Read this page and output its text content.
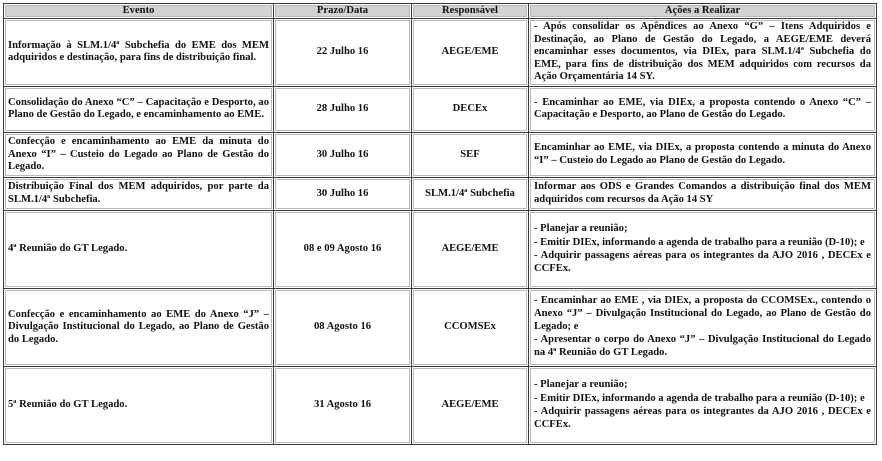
Evento	Prazo/Data	Responsável	Ações a Realizar
Informação à SLM.1/4ª Subchefia do EME dos MEM adquiridos e destinação, para fins de distribuição final.	22 Julho 16	AEGE/EME	- Após consolidar os Apêndices ao Anexo “G” – Itens Adquiridos e Destinação, ao Plano de Gestão do Legado, a AEGE/EME deverá encaminhar esses documentos, via DIEx, para SLM.1/4ª Subchefia do EME, para fins de distribuição dos MEM adquiridos com recursos da Ação Orçamentária 14 SY.

Consolidação do Anexo “C” – Capacitação e Desporto, ao Plano de Gestão do Legado, e encaminhamento ao EME.	28 Julho 16	DECEx	- Encaminhar ao EME, via DIEx, a proposta contendo o Anexo “C” – Capacitação e Desporto, ao Plano de Gestão do Legado.

Confecção e encaminhamento ao EME da minuta do Anexo “I” – Custeio do Legado ao Plano de Gestão do Legado.	30 Julho 16	SEF	Encaminhar ao EME, via DIEx, a proposta contendo a minuta do Anexo “I” – Custeio do Legado ao Plano de Gestão do Legado.

Distribuição Final dos MEM adquiridos, por parte da SLM.1/4ª Subchefia.	30 Julho 16	SLM.1/4ª Subchefia	Informar aos ODS e Grandes Comandos a distribuição final dos MEM adquiridos com recursos da Ação 14 SY

4ª Reunião do GT Legado.	08 e 09 Agosto 16	AEGE/EME	- Planejar a reunião;

- Emitir DIEx, informando a agenda de trabalho para a reunião (D-10); e

- Adquirir passagens aéreas para os integrantes da AJO 2016 , DECEx e CCFEx.

Confecção e encaminhamento ao EME do Anexo “J” – Divulgação Institucional do Legado, ao Plano de Gestão do Legado.	08 Agosto 16	CCOMSEx	- Encaminhar ao EME , via DIEx, a proposta do CCOMSEx., contendo o Anexo “J” – Divulgação Institucional do Legado, ao Plano de Gestão do Legado; e

- Apresentar o corpo do Anexo “J” – Divulgação Institucional do Legado na 4ª Reunião do GT Legado.

5ª Reunião do GT Legado.	31 Agosto 16	AEGE/EME	- Planejar a reunião;

- Emitir DIEx, informando a agenda de trabalho para a reunião (D-10); e

- Adquirir passagens aéreas para os integrantes da AJO 2016 , DECEx e CCFEx.
